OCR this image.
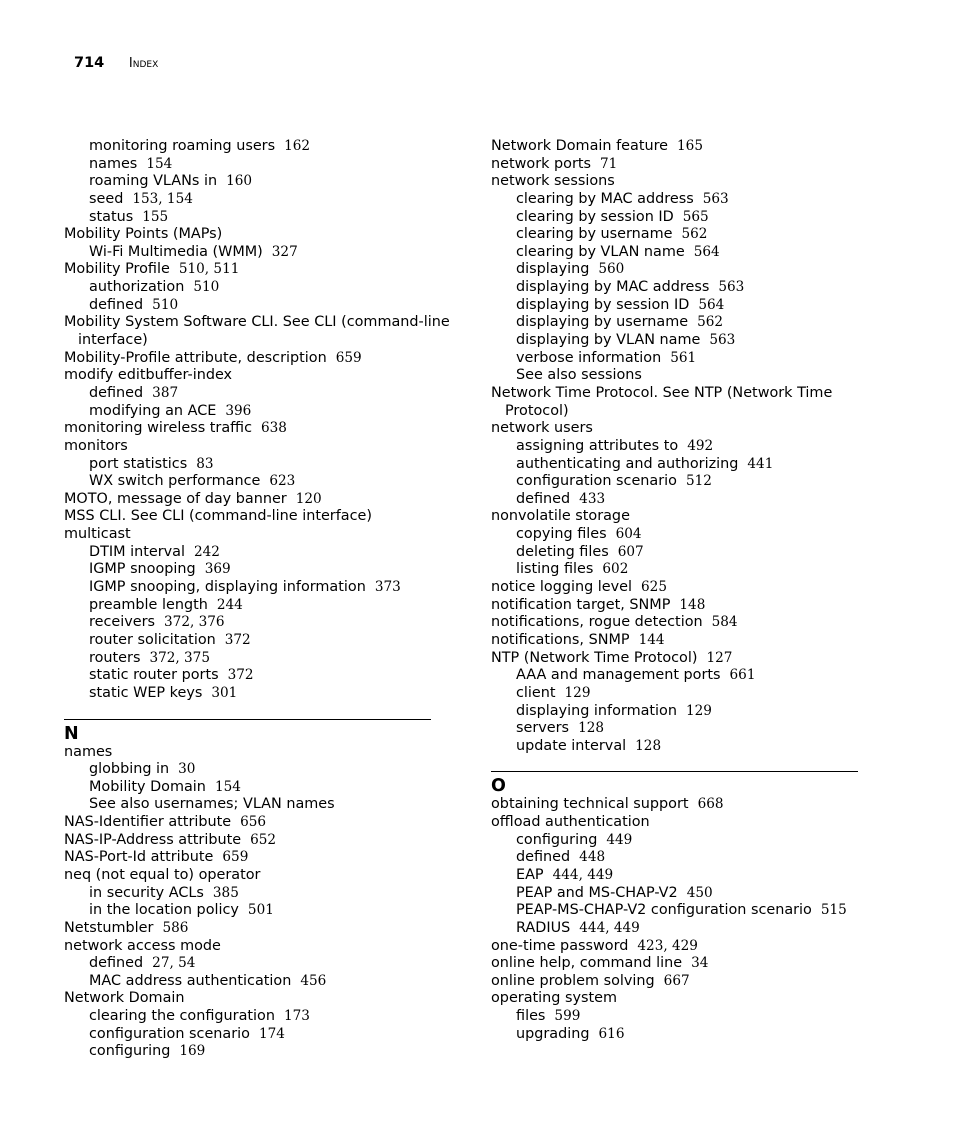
714 Index
monitoring roaming users 162
names 154
roaming VLANs in 160
seed 153, 154
status 155
Mobility Points (MAPs)
Wi-Fi Multimedia (WMM) 327
Mobility Profile 510, 511
authorization 510
defined 510
Mobility System Software CLI. See CLI (command-line
interface)
Mobility-Profile attribute, description 659
modify editbuffer-index
defined 387
modifying an ACE 396
monitoring wireless traffic 638
monitors
port statistics 83
WX switch performance 623
MOTO, message of day banner 120
MSS CLI. See CLI (command-line interface)
multicast
DTIM interval 242
IGMP snooping 369
IGMP snooping, displaying information 373
preamble length 244
receivers 372, 376
router solicitation 372
routers 372, 375
static router ports 372
static WEP keys 301
N
names
globbing in 30
Mobility Domain 154
See also usernames; VLAN names
NAS-Identifier attribute 656
NAS-IP-Address attribute 652
NAS-Port-Id attribute 659
neq (not equal to) operator
in security ACLs 385
in the location policy 501
Netstumbler 586
network access mode
defined 27, 54
MAC address authentication 456
Network Domain
clearing the configuration 173
configuration scenario 174
configuring 169
Network Domain feature 165
network ports 71
network sessions
clearing by MAC address 563
clearing by session ID 565
clearing by username 562
clearing by VLAN name 564
displaying 560
displaying by MAC address 563
displaying by session ID 564
displaying by username 562
displaying by VLAN name 563
verbose information 561
See also sessions
Network Time Protocol. See NTP (Network Time
Protocol)
network users
assigning attributes to 492
authenticating and authorizing 441
configuration scenario 512
defined 433
nonvolatile storage
copying files 604
deleting files 607
listing files 602
notice logging level 625
notification target, SNMP 148
notifications, rogue detection 584
notifications, SNMP 144
NTP (Network Time Protocol) 127
AAA and management ports 661
client 129
displaying information 129
servers 128
update interval 128
O
obtaining technical support 668
offload authentication
configuring 449
defined 448
EAP 444, 449
PEAP and MS-CHAP-V2 450
PEAP-MS-CHAP-V2 configuration scenario 515
RADIUS 444, 449
one-time password 423, 429
online help, command line 34
online problem solving 667
operating system
files 599
upgrading 616
